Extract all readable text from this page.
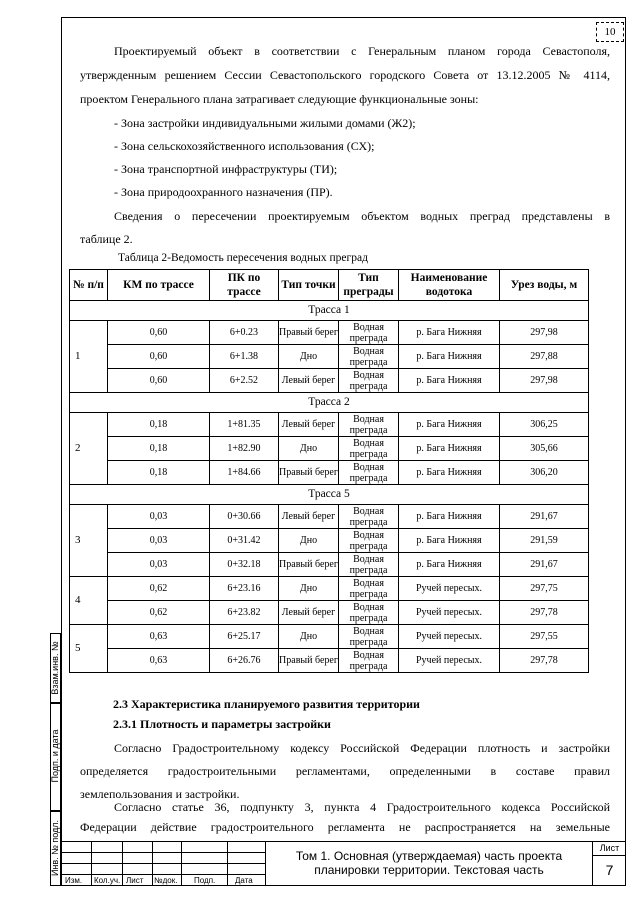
10
Проектируемый объект в соответствии с Генеральным планом города Севастополя,
утвержденным решением Сессии Севастопольского городского Совета от 13.12.2005 № 4114,
проектом Генерального плана затрагивает следующие функциональные зоны:
- Зона застройки индивидуальными жилыми домами (Ж2);
- Зона сельскохозяйственного использования (СХ);
- Зона транспортной инфраструктуры (ТИ);
- Зона природоохранного назначения (ПР).
Сведения о пересечении проектируемым объектом водных преград представлены в
таблице 2.
Таблица 2-Ведомость пересечения водных преград
№ п/п	КМ по трассе	ПК по трассе	Тип точки	Тип преграды	Наименование водотока	Урез воды, м
Трасса 1						
1	0,60	6+0.23	Правый берег	Водная преграда	р. Бага Нижняя	297,98
	0,60	6+1.38	Дно	Водная преграда	р. Бага Нижняя	297,88
	0,60	6+2.52	Левый берег	Водная преграда	р. Бага Нижняя	297,98
Трасса 2						
2	0,18	1+81.35	Левый берег	Водная преграда	р. Бага Нижняя	306,25
	0,18	1+82.90	Дно	Водная преграда	р. Бага Нижняя	305,66
	0,18	1+84.66	Правый берег	Водная преграда	р. Бага Нижняя	306,20
Трасса 5						
3	0,03	0+30.66	Левый берег	Водная преграда	р. Бага Нижняя	291,67
	0,03	0+31.42	Дно	Водная преграда	р. Бага Нижняя	291,59
	0,03	0+32.18	Правый берег	Водная преграда	р. Бага Нижняя	291,67
4	0,62	6+23.16	Дно	Водная преграда	Ручей пересых.	297,75
	0,62	6+23.82	Левый берег	Водная преграда	Ручей пересых.	297,78
5	0,63	6+25.17	Дно	Водная преграда	Ручей пересых.	297,55
	0,63	6+26.76	Правый берег	Водная преграда	Ручей пересых.	297,78
2.3 Характеристика планируемого развития территории
2.3.1 Плотность и параметры застройки
Согласно Градостроительному кодексу Российской Федерации плотность и застройки
определяется градостроительными регламентами, определенными в составе правил
землепользования и застройки.
Согласно статье 36, подпункту 3, пункта 4 Градостроительного кодекса Российской
Федерации действие градостроительного регламента не распространяется на земельные
Взам.инв. №
Подп. и дата
Инв. № подл.
Изм. Кол.уч. Лист №док. Подп. Дата
Том 1. Основная (утверждаемая) часть проекта
планировки территории. Текстовая часть
Лист
7
